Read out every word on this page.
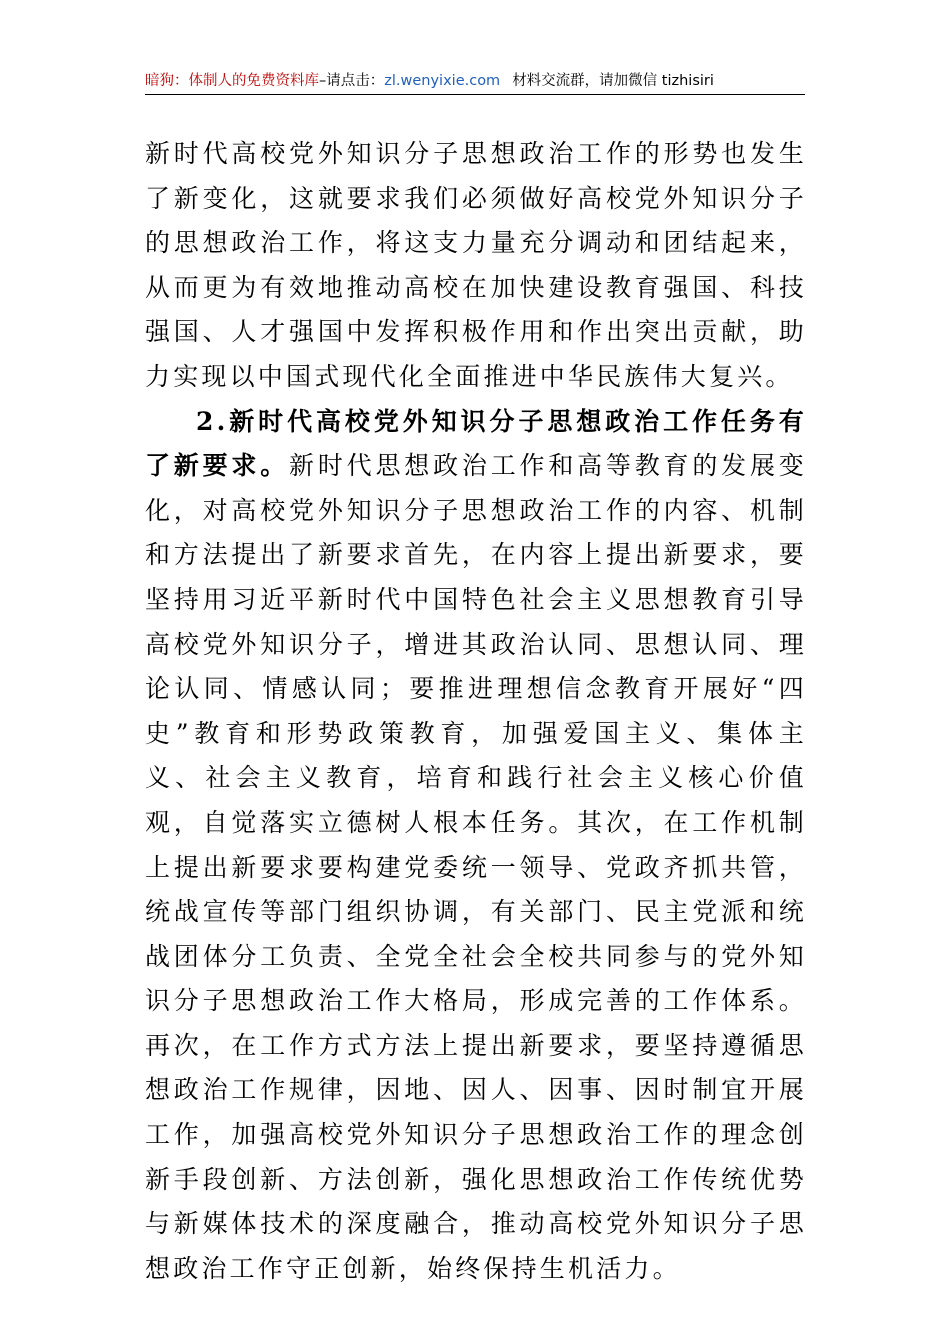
暗狗：体制人的免费资料库–请点击：zl.wenyixie.com 材料交流群，请加微信 tizhisiri

新时代高校党外知识分子思想政治工作的形势也发生了新变化，这就要求我们必须做好高校党外知识分子的思想政治工作，将这支力量充分调动和团结起来，从而更为有效地推动高校在加快建设教育强国、科技强国、人才强国中发挥积极作用和作出突出贡献，助力实现以中国式现代化全面推进中华民族伟大复兴。

2.新时代高校党外知识分子思想政治工作任务有了新要求。新时代思想政治工作和高等教育的发展变化，对高校党外知识分子思想政治工作的内容、机制和方法提出了新要求首先，在内容上提出新要求，要坚持用习近平新时代中国特色社会主义思想教育引导高校党外知识分子，增进其政治认同、思想认同、理论认同、情感认同；要推进理想信念教育开展好“四史”教育和形势政策教育，加强爱国主义、集体主义、社会主义教育，培育和践行社会主义核心价值观，自觉落实立德树人根本任务。其次，在工作机制上提出新要求要构建党委统一领导、党政齐抓共管，统战宣传等部门组织协调，有关部门、民主党派和统战团体分工负责、全党全社会全校共同参与的党外知识分子思想政治工作大格局，形成完善的工作体系。再次，在工作方式方法上提出新要求，要坚持遵循思想政治工作规律，因地、因人、因事、因时制宜开展工作，加强高校党外知识分子思想政治工作的理念创新手段创新、方法创新，强化思想政治工作传统优势与新媒体技术的深度融合，推动高校党外知识分子思想政治工作守正创新，始终保持生机活力。
